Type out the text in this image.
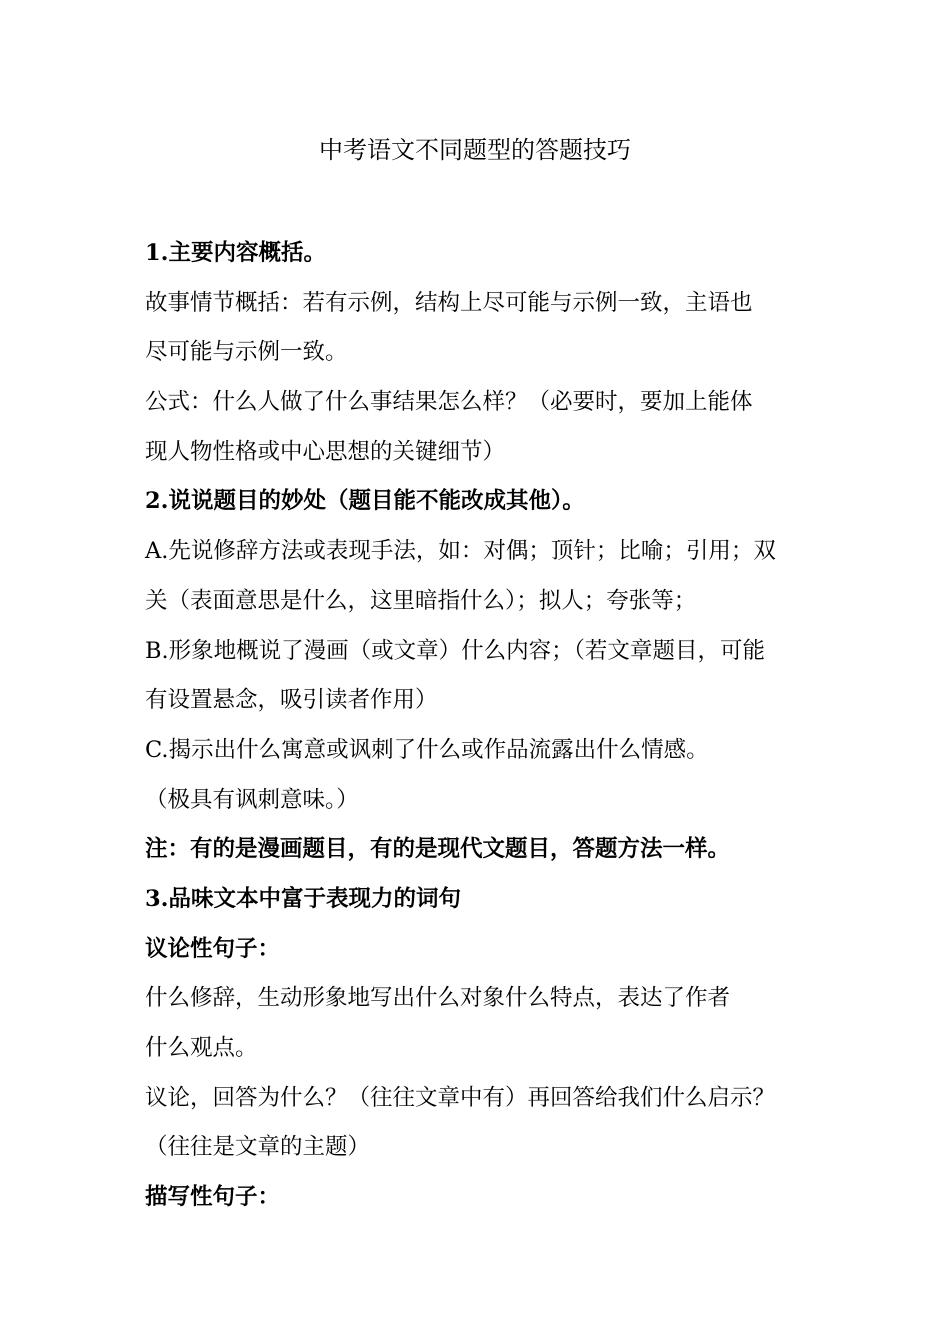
中考语文不同题型的答题技巧
1.主要内容概括。
故事情节概括：若有示例，结构上尽可能与示例一致，主语也
尽可能与示例一致。
公式：什么人做了什么事结果怎么样？（必要时，要加上能体
现人物性格或中心思想的关键细节）
2.说说题目的妙处（题目能不能改成其他）。
A.先说修辞方法或表现手法，如：对偶；顶针；比喻；引用；双
关（表面意思是什么，这里暗指什么）；拟人；夸张等；
B.形象地概说了漫画（或文章）什么内容；（若文章题目，可能
有设置悬念，吸引读者作用）
C.揭示出什么寓意或讽刺了什么或作品流露出什么情感。
（极具有讽刺意味。）
注：有的是漫画题目，有的是现代文题目，答题方法一样。
3.品味文本中富于表现力的词句
议论性句子：
什么修辞，生动形象地写出什么对象什么特点，表达了作者
什么观点。
议论，回答为什么？（往往文章中有）再回答给我们什么启示？
（往往是文章的主题）
描写性句子：
